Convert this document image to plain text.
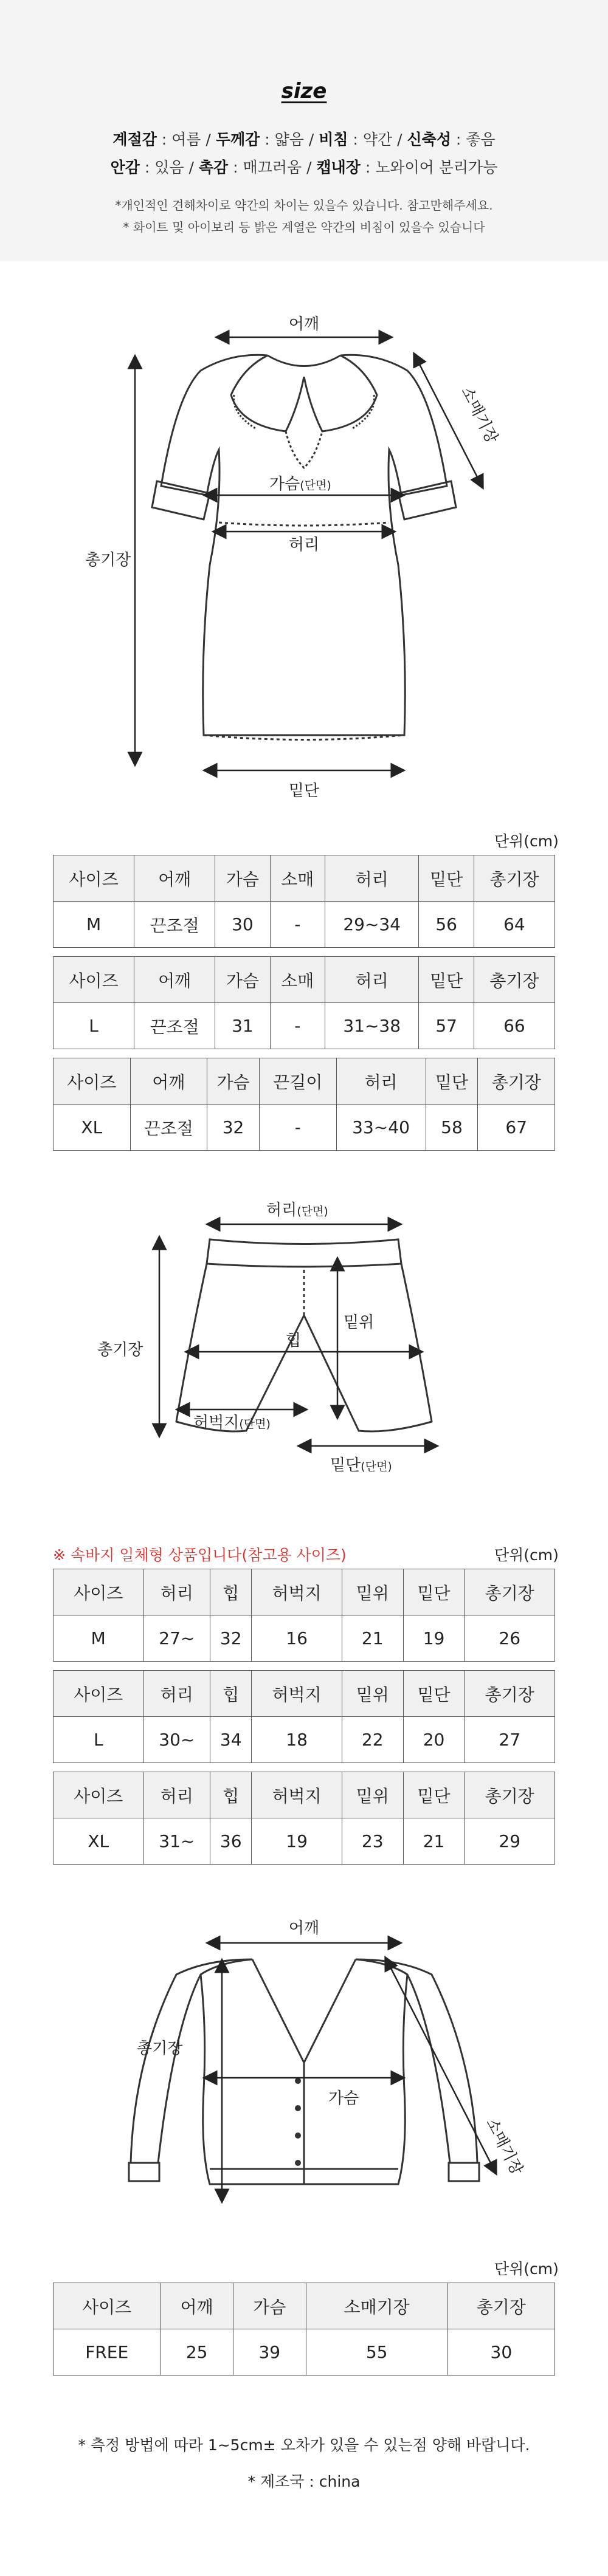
size
계절감 : 여름 / 두께감 : 얇음 / 비침 : 약간 / 신축성 : 좋음
안감 : 있음 / 촉감 : 매끄러움 / 캡내장 : 노와이어 분리가능
*개인적인 견해차이로 약간의 차이는 있을수 있습니다. 참고만해주세요.
* 화이트 및 아이보리 등 밝은 계열은 약간의 비침이 있을수 있습니다
어깨
소매기장
가슴(단면)
허리
총기장
밑단
단위(cm)
사이즈	어깨	가슴	소매	허리	밑단	총기장
M	끈조절	30	-	29~34	56	64
사이즈	어깨	가슴	소매	허리	밑단	총기장
L	끈조절	31	-	31~38	57	66
사이즈	어깨	가슴	끈길이	허리	밑단	총기장
XL	끈조절	32	-	33~40	58	67
허리(단면)
총기장	힙
밑위
허벅지(단면)
밑단(단면)
※ 속바지 일체형 상품입니다(참고용 사이즈)	단위(cm)
사이즈	허리	힙	허벅지	밑위	밑단	총기장
M	27~	32	16	21	19	26
사이즈	허리	힙	허벅지	밑위	밑단	총기장
L	30~	34	18	22	20	27
사이즈	허리	힙	허벅지	밑위	밑단	총기장
XL	31~	36	19	23	21	29
어깨
총기장
가슴
소매기장
단위(cm)
사이즈	어깨	가슴	소매기장	총기장
FREE	25	39	55	30
* 측정 방법에 따라 1~5cm± 오차가 있을 수 있는점 양해 바랍니다.
* 제조국 : china
